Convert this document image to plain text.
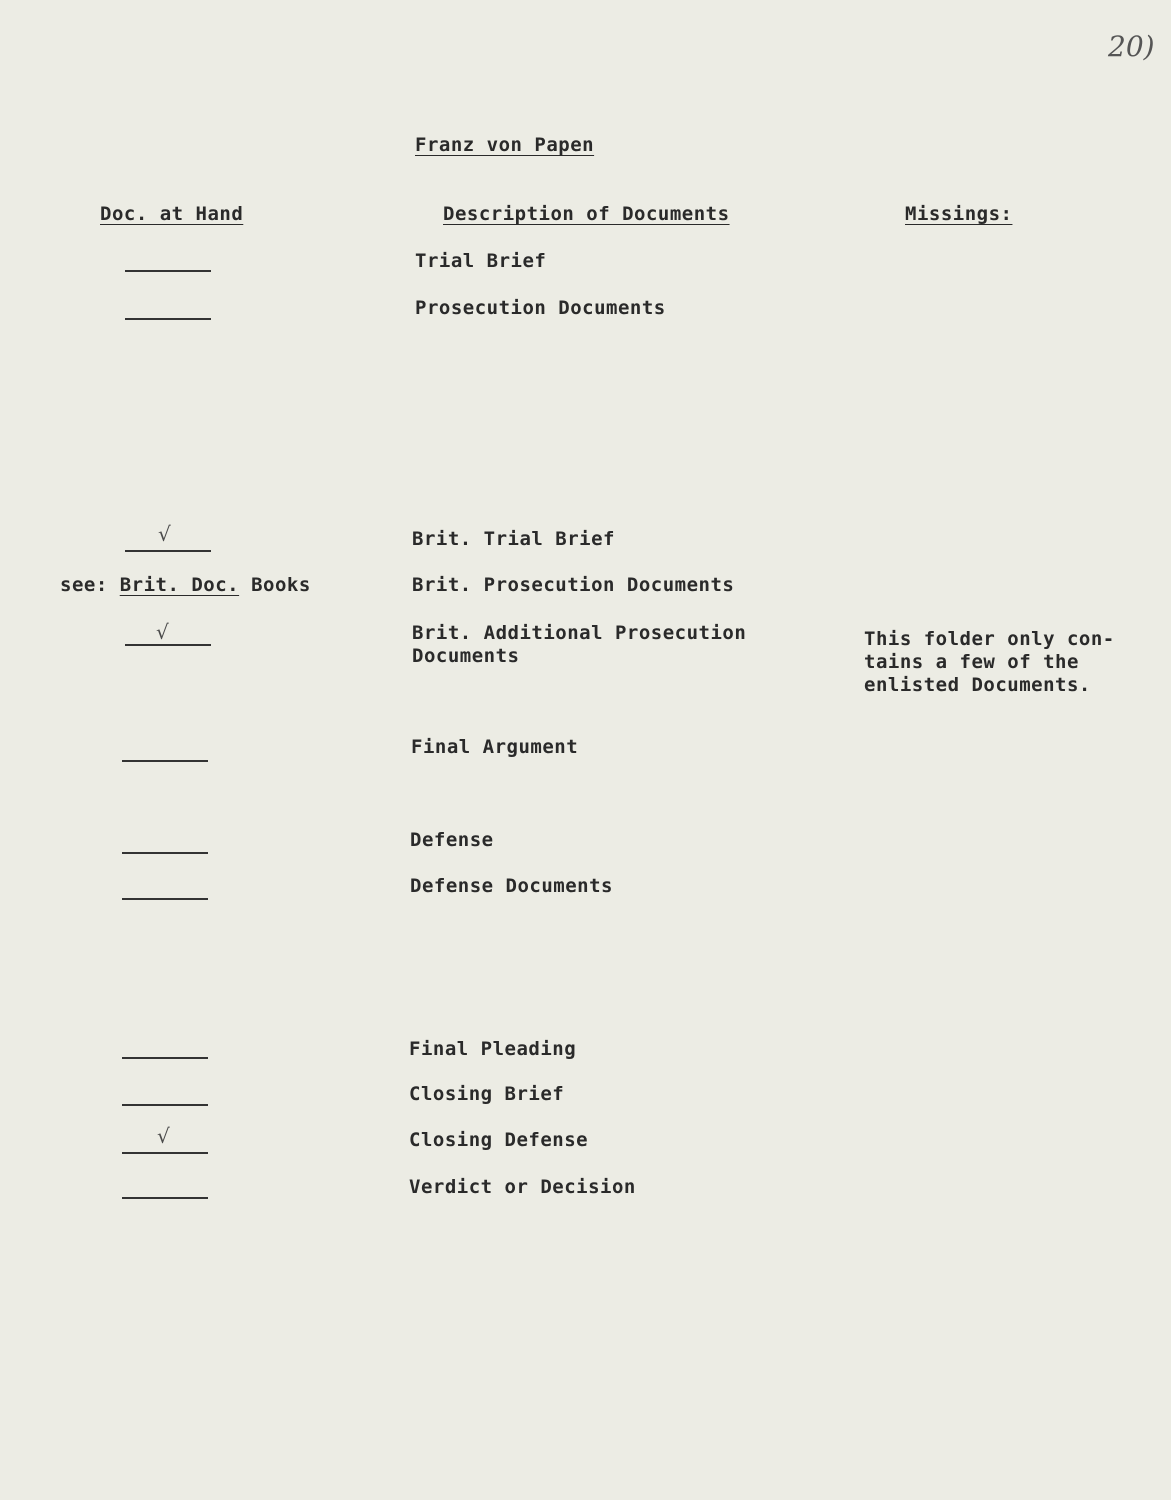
20)
Franz von Papen
Doc. at Hand	Description of Documents	Missings:
√
√
√
see: Brit. Doc. Books
Trial Brief
Prosecution Documents
Brit. Trial Brief
Brit. Prosecution Documents
Brit. Additional Prosecution
Documents
Final Argument
Defense
Defense Documents
Final Pleading
Closing Brief
Closing Defense
Verdict or Decision
This folder only con-
tains a few of the
enlisted Documents.
